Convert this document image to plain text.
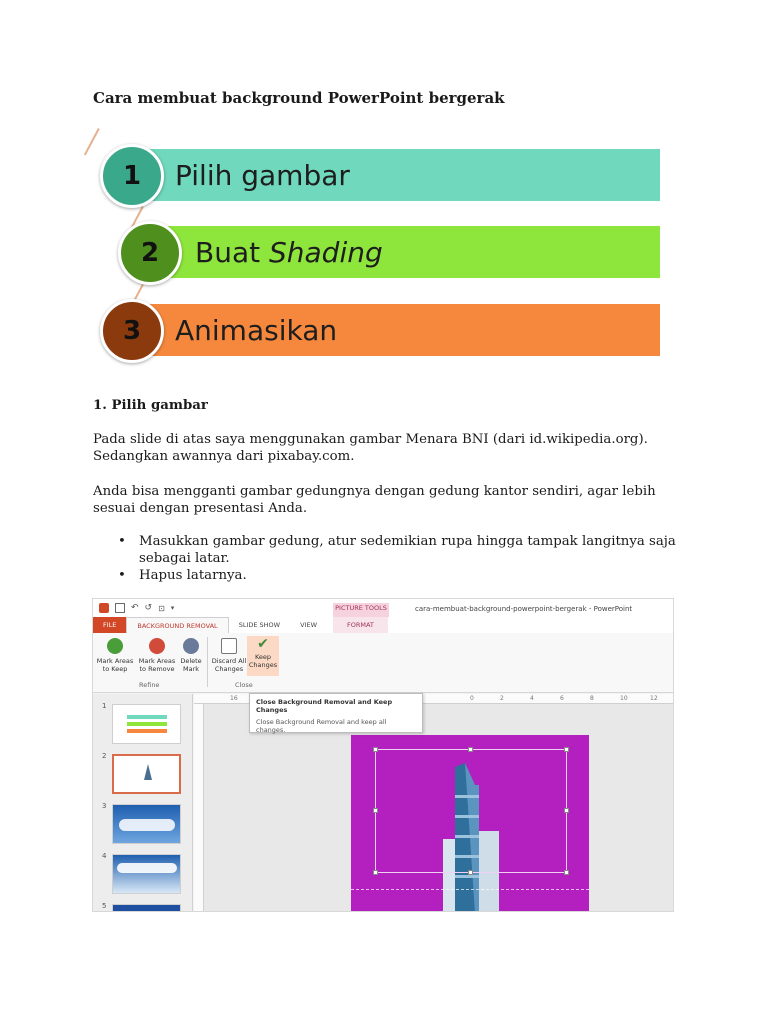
Cara membuat background PowerPoint bergerak
Pilih gambar
1
Buat Shading
2
Animasikan
3
1. Pilih gambar
Pada slide di atas saya menggunakan gambar Menara BNI (dari id.wikipedia.org). Sedangkan awannya dari pixabay.com.
Anda bisa mengganti gambar gedungnya dengan gedung kantor sendiri, agar lebih sesuai dengan presentasi Anda.
• Masukkan gambar gedung, atur sedemikian rupa hingga tampak langitnya saja sebagai latar.
• Hapus latarnya.
↶ ↺ ⊡ ▾	PICTURE TOOLS	cara-membuat-background-powerpoint-bergerak - PowerPoint
FILE	BACKGROUND REMOVAL	SLIDE SHOW	VIEW	FORMAT
Mark Areas to Keep
Mark Areas to Remove
Delete Mark
Refine
Discard All Changes
✔
Keep Changes
Close
Close Background Removal and Keep Changes
Close Background Removal and keep all changes.
1
2
3
4
5
16	0	2	4	6	8	10	12
